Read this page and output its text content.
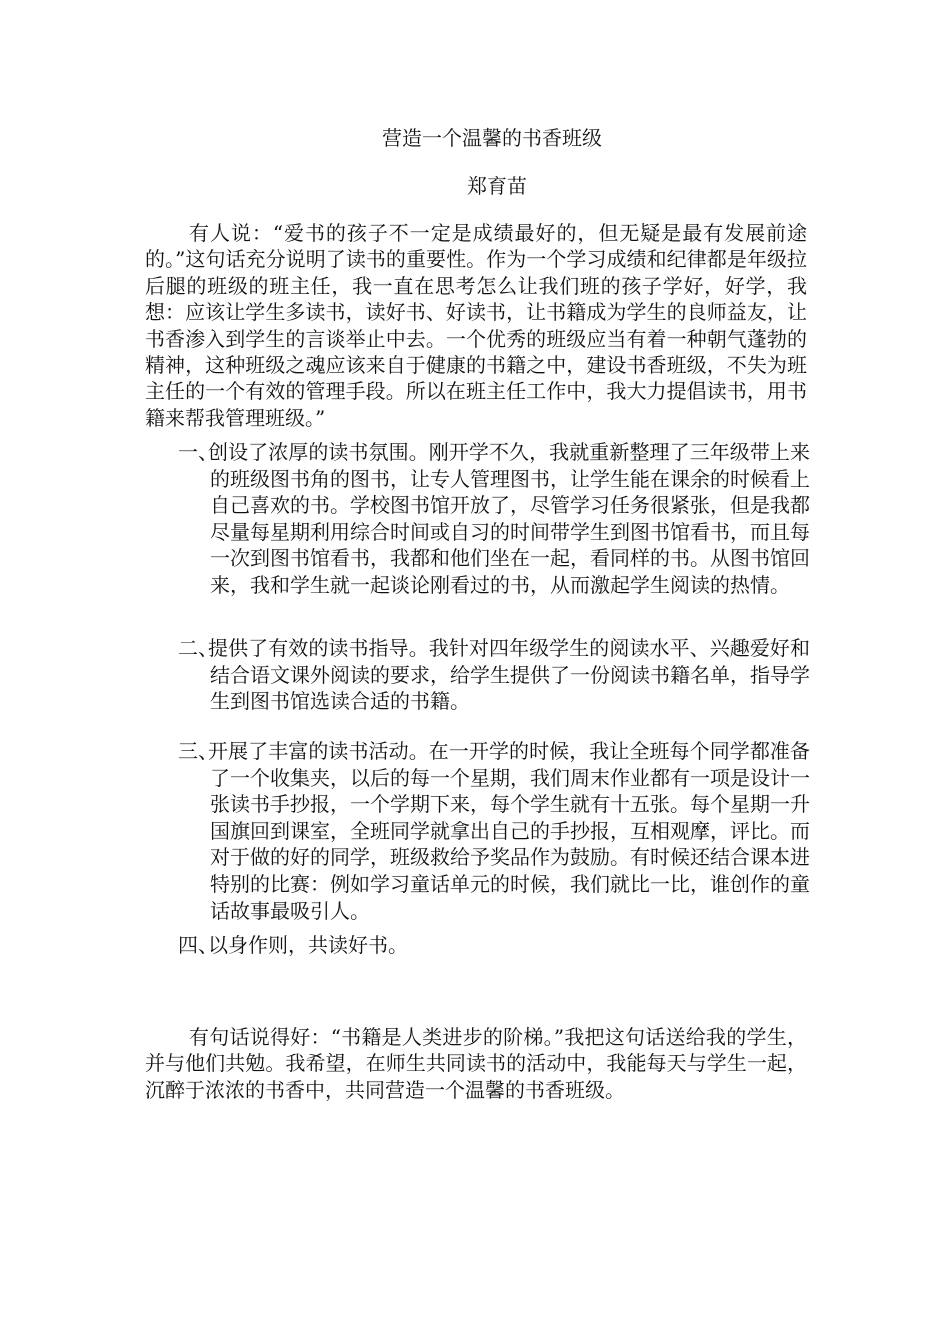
营造一个温馨的书香班级
郑育苗

有人说：“爱书的孩子不一定是成绩最好的，但无疑是最有发展前途的。”这句话充分说明了读书的重要性。作为一个学习成绩和纪律都是年级拉后腿的班级的班主任，我一直在思考怎么让我们班的孩子学好，好学，我想：应该让学生多读书，读好书、好读书，让书籍成为学生的良师益友，让书香渗入到学生的言谈举止中去。一个优秀的班级应当有着一种朝气蓬勃的精神，这种班级之魂应该来自于健康的书籍之中，建设书香班级，不失为班主任的一个有效的管理手段。所以在班主任工作中，我大力提倡读书，用书籍来帮我管理班级。”

一、
创设了浓厚的读书氛围。刚开学不久，我就重新整理了三年级带上来的班级图书角的图书，让专人管理图书，让学生能在课余的时候看上自己喜欢的书。学校图书馆开放了，尽管学习任务很紧张，但是我都尽量每星期利用综合时间或自习的时间带学生到图书馆看书，而且每一次到图书馆看书，我都和他们坐在一起，看同样的书。从图书馆回来，我和学生就一起谈论刚看过的书，从而激起学生阅读的热情。
二、
提供了有效的读书指导。我针对四年级学生的阅读水平、兴趣爱好和结合语文课外阅读的要求，给学生提供了一份阅读书籍名单，指导学生到图书馆选读合适的书籍。
三、
开展了丰富的读书活动。在一开学的时候，我让全班每个同学都准备了一个收集夹，以后的每一个星期，我们周末作业都有一项是设计一张读书手抄报，一个学期下来，每个学生就有十五张。每个星期一升国旗回到课室，全班同学就拿出自己的手抄报，互相观摩，评比。而对于做的好的同学，班级救给予奖品作为鼓励。有时候还结合课本进特别的比赛：例如学习童话单元的时候，我们就比一比，谁创作的童话故事最吸引人。
四、
以身作则，共读好书。

有句话说得好：“书籍是人类进步的阶梯。”我把这句话送给我的学生，并与他们共勉。我希望，在师生共同读书的活动中，我能每天与学生一起，沉醉于浓浓的书香中，共同营造一个温馨的书香班级。
